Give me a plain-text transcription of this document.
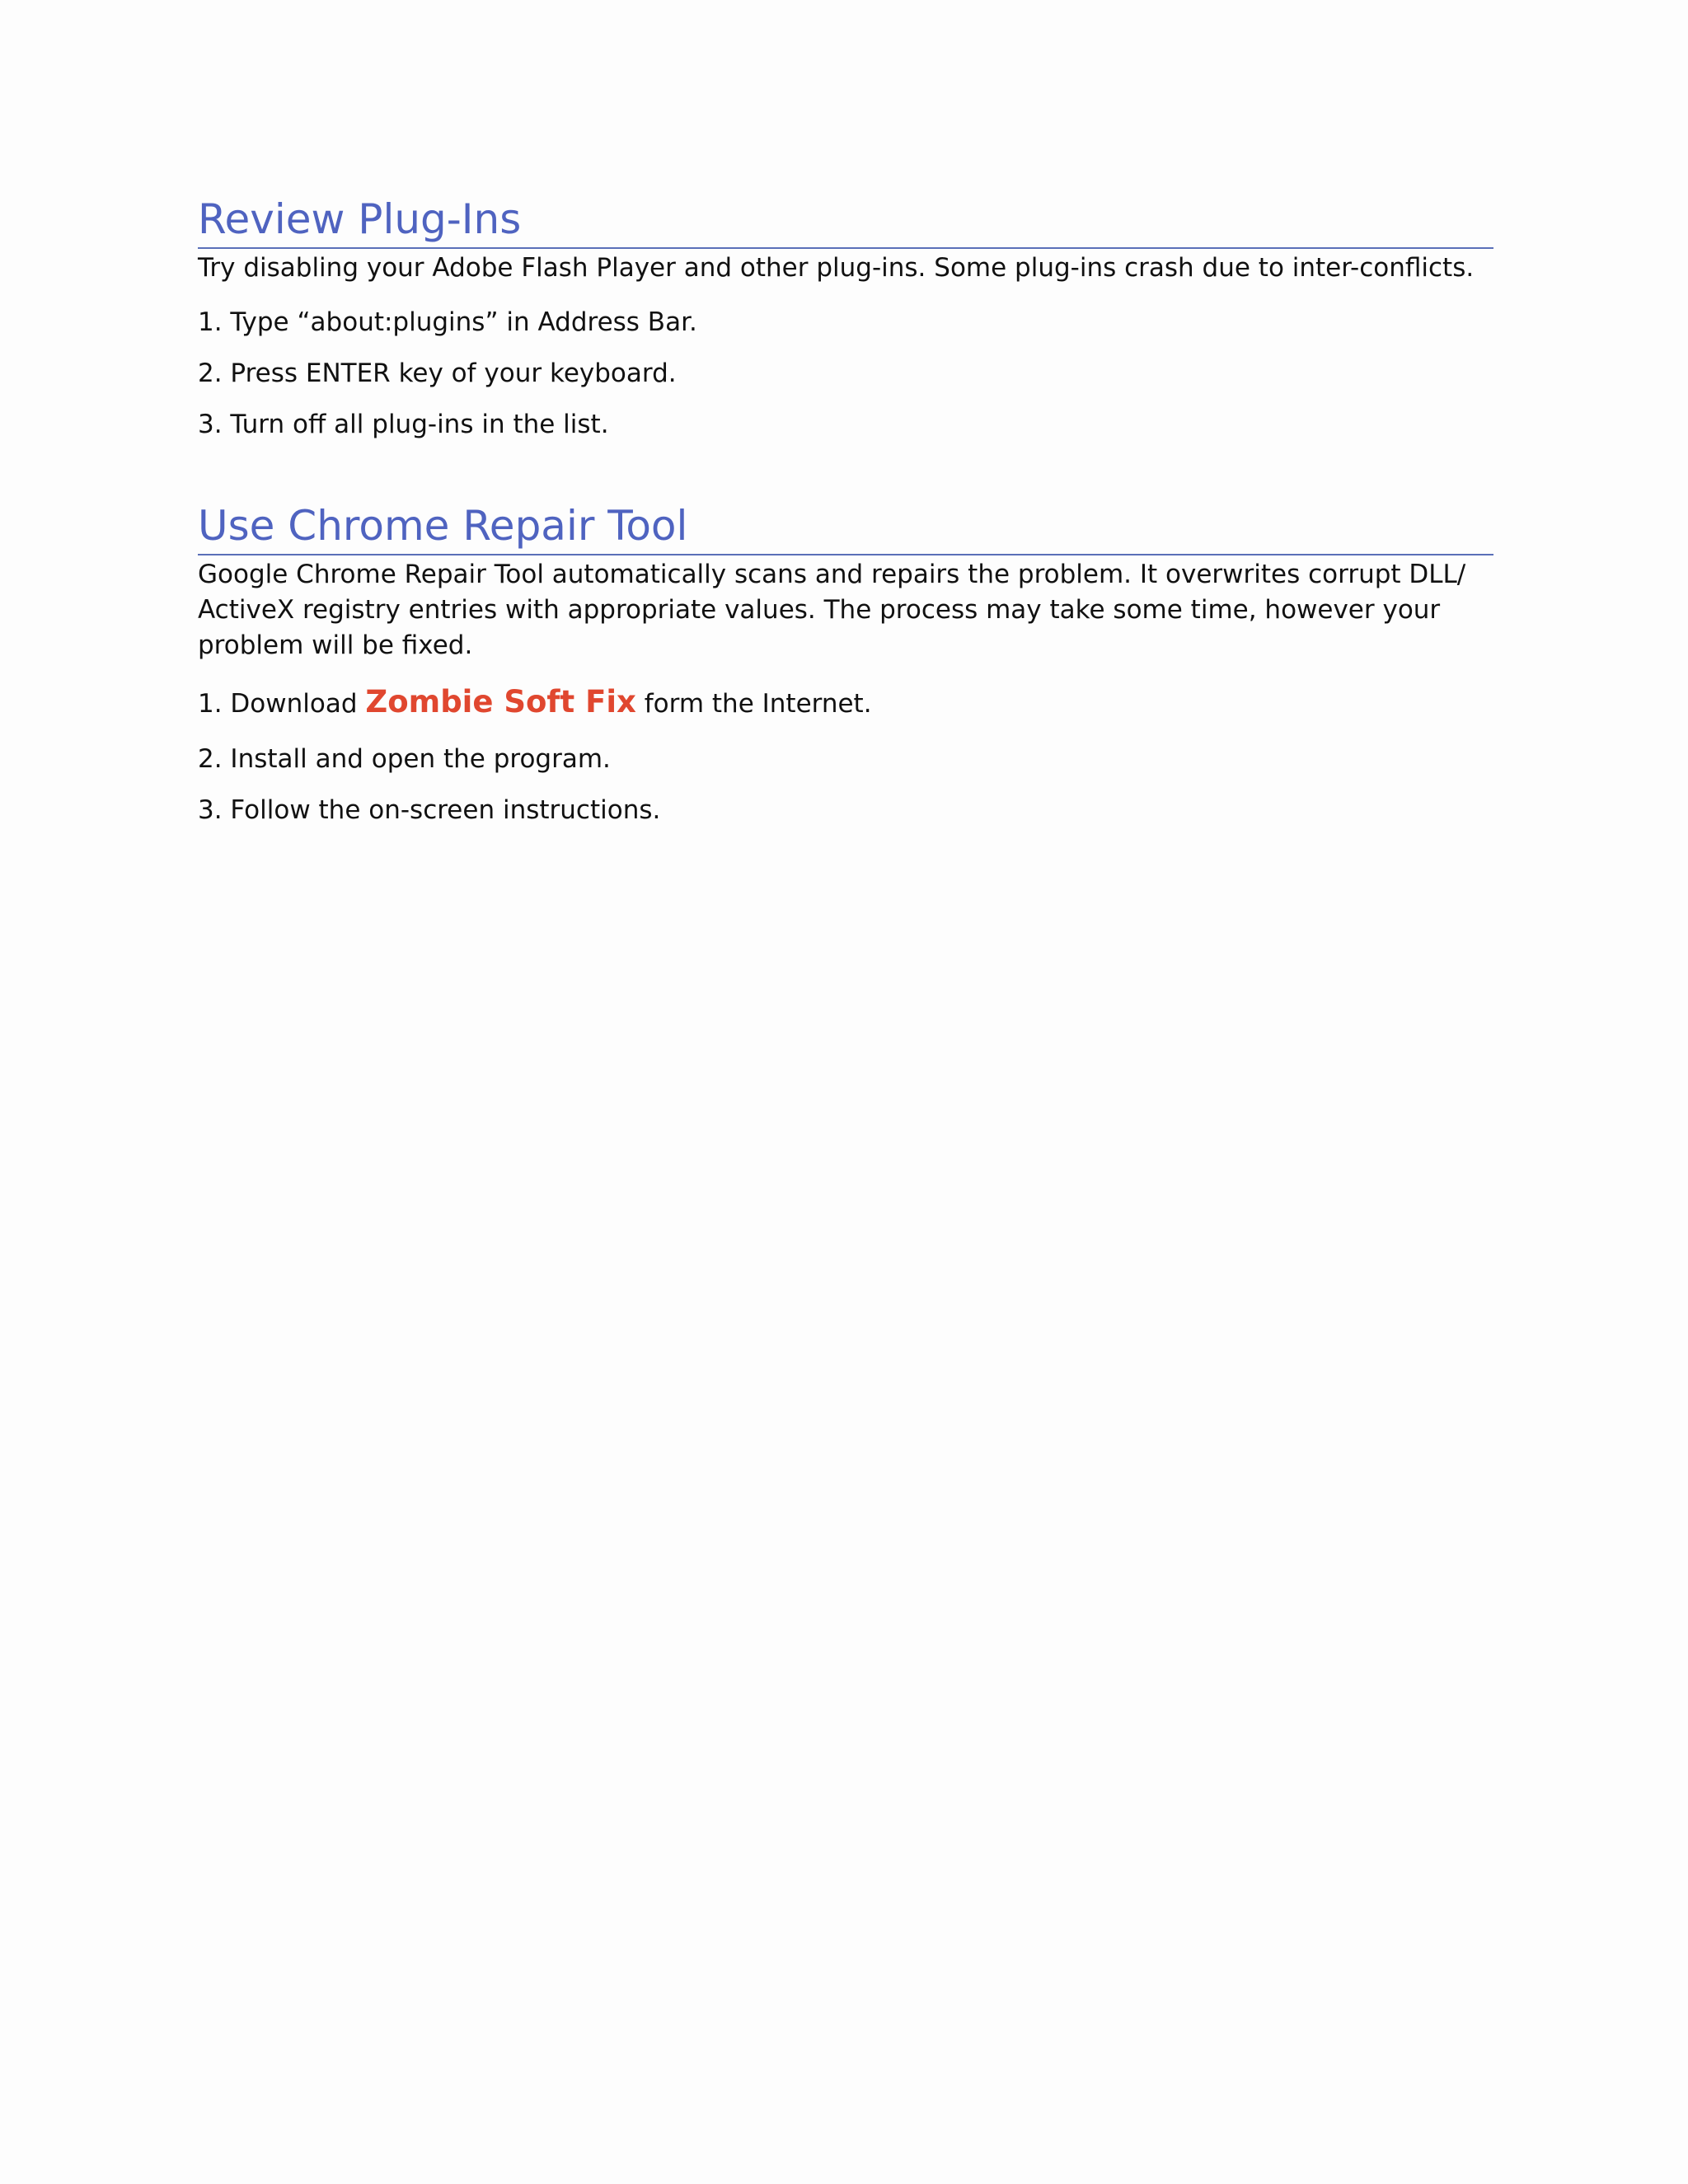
Review Plug-Ins

Try disabling your Adobe Flash Player and other plug-ins. Some plug-ins crash due to inter-conflicts.

1. Type “about:plugins” in Address Bar.

2. Press ENTER key of your keyboard.

3. Turn off all plug-ins in the list.

Use Chrome Repair Tool

Google Chrome Repair Tool automatically scans and repairs the problem. It overwrites corrupt DLL/ ActiveX registry entries with appropriate values. The process may take some time, however your problem will be fixed.

1. Download Zombie Soft Fix form the Internet.

2. Install and open the program.

3. Follow the on-screen instructions.
